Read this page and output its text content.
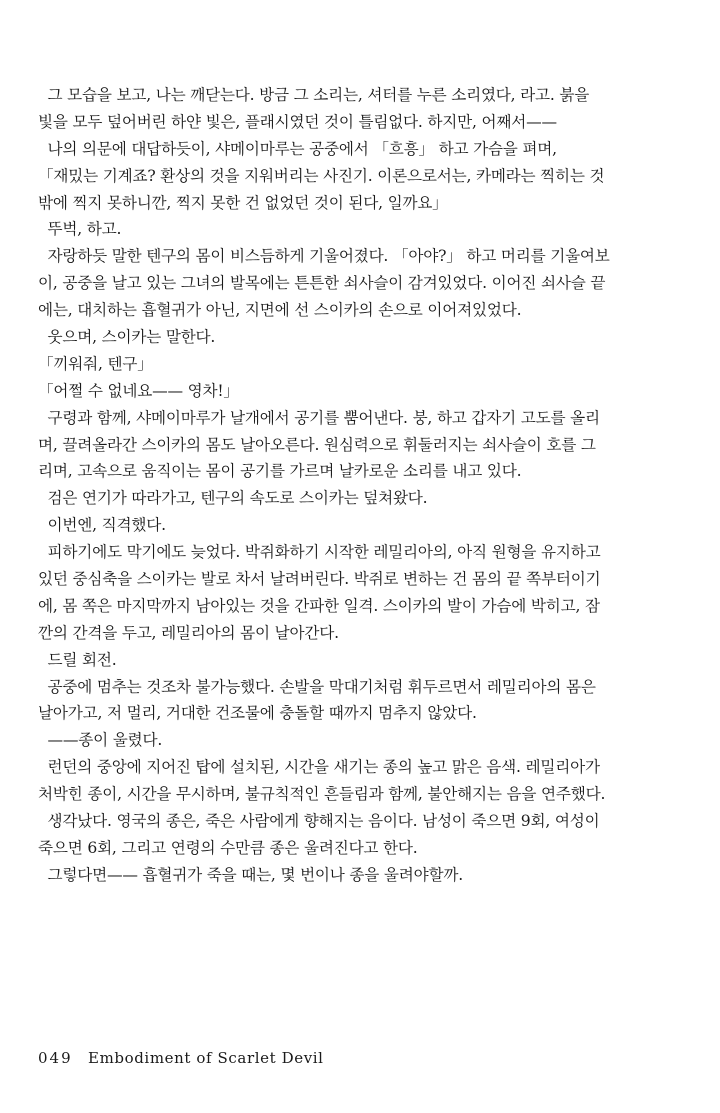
그 모습을 보고, 나는 깨닫는다. 방금 그 소리는, 셔터를 누른 소리였다, 라고. 붉을
빛을 모두 덮어버린 하얀 빛은, 플래시였던 것이 틀림없다. 하지만, 어째서——
나의 의문에 대답하듯이, 샤메이마루는 공중에서 「흐흥」 하고 가슴을 펴며,
「재밌는 기계죠? 환상의 것을 지워버리는 사진기. 이론으로서는, 카메라는 찍히는 것
밖에 찍지 못하니깐, 찍지 못한 건 없었던 것이 된다, 일까요」
뚜벅, 하고.
자랑하듯 말한 텐구의 몸이 비스듬하게 기울어졌다. 「아야?」 하고 머리를 기울여보
이, 공중을 날고 있는 그녀의 발목에는 튼튼한 쇠사슬이 감겨있었다. 이어진 쇠사슬 끝
에는, 대치하는 흡혈귀가 아닌, 지면에 선 스이카의 손으로 이어져있었다.
웃으며, 스이카는 말한다.
「끼워줘, 텐구」
「어쩔 수 없네요—— 영차!」
구령과 함께, 샤메이마루가 날개에서 공기를 뿜어낸다. 붕, 하고 갑자기 고도를 올리
며, 끌려올라간 스이카의 몸도 날아오른다. 원심력으로 휘둘러지는 쇠사슬이 호를 그
리며, 고속으로 움직이는 몸이 공기를 가르며 날카로운 소리를 내고 있다.
검은 연기가 따라가고, 텐구의 속도로 스이카는 덮쳐왔다.
이번엔, 직격했다.
피하기에도 막기에도 늦었다. 박쥐화하기 시작한 레밀리아의, 아직 원형을 유지하고
있던 중심축을 스이카는 발로 차서 날려버린다. 박쥐로 변하는 건 몸의 끝 쪽부터이기
에, 몸 쪽은 마지막까지 남아있는 것을 간파한 일격. 스이카의 발이 가슴에 박히고, 잠
깐의 간격을 두고, 레밀리아의 몸이 날아간다.
드릴 회전.
공중에 멈추는 것조차 불가능했다. 손발을 막대기처럼 휘두르면서 레밀리아의 몸은
날아가고, 저 멀리, 거대한 건조물에 충돌할 때까지 멈추지 않았다.
——종이 울렸다.
런던의 중앙에 지어진 탑에 설치된, 시간을 새기는 종의 높고 맑은 음색. 레밀리아가
처박힌 종이, 시간을 무시하며, 불규칙적인 흔들림과 함께, 불안해지는 음을 연주했다.
생각났다. 영국의 종은, 죽은 사람에게 향해지는 음이다. 남성이 죽으면 9회, 여성이
죽으면 6회, 그리고 연령의 수만큼 종은 울려진다고 한다.
그렇다면—— 흡혈귀가 죽을 때는, 몇 번이나 종을 울려야할까.
049 Embodiment of Scarlet Devil
